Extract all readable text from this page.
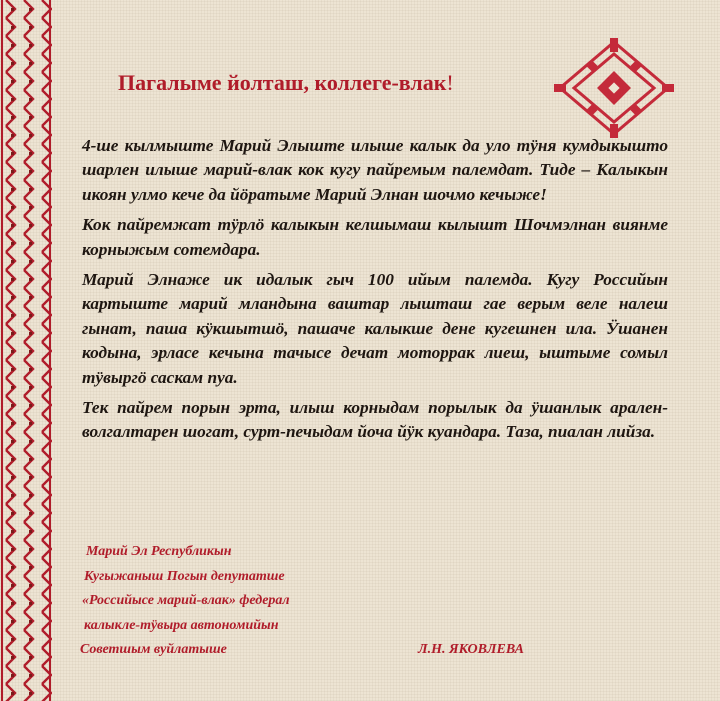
Пагалыме йолташ, коллеге-влак!

4-ше кылмыште Марий Элыште илыше калык да уло тӱня кумдыкышто шарлен илыше марий-влак кок кугу пайремым палемдат. Тиде – Калыкын икоян улмо кече да йӧратыме Марий Элнан шочмо кечыже!

Кок пайремжат тӱрлӧ калыкын келшымаш кылышт Шочмэлнан виянме корныжым сотемдара.

Марий Элнаже ик идалык гыч 100 ийым палемда. Кугу Российын картыште марий мландына ваштар лышташ гае верым веле налеш гынат, паша кӱкшытшӧ, пашаче калыкше дене кугешнен ила. Ӱшанен кодына, эрласе кечына тачысе дечат моторрак лиеш, ыштыме сомыл тӱвыргӧ саскам пуа.

Тек пайрем порын эрта, илыш корныдам порылык да ӱшанлык арален-волгалтарен шогат, сурт-печыдам йоча йӱк куандара. Таза, пиалан лийза.

Марий Эл Республикын

Кугыжаныш Погын депутатше

«Российысе марий-влак» федерал

калыкле-тӱвыра автономийын

Советшым вуйлатыше	Л.Н. ЯКОВЛЕВА
